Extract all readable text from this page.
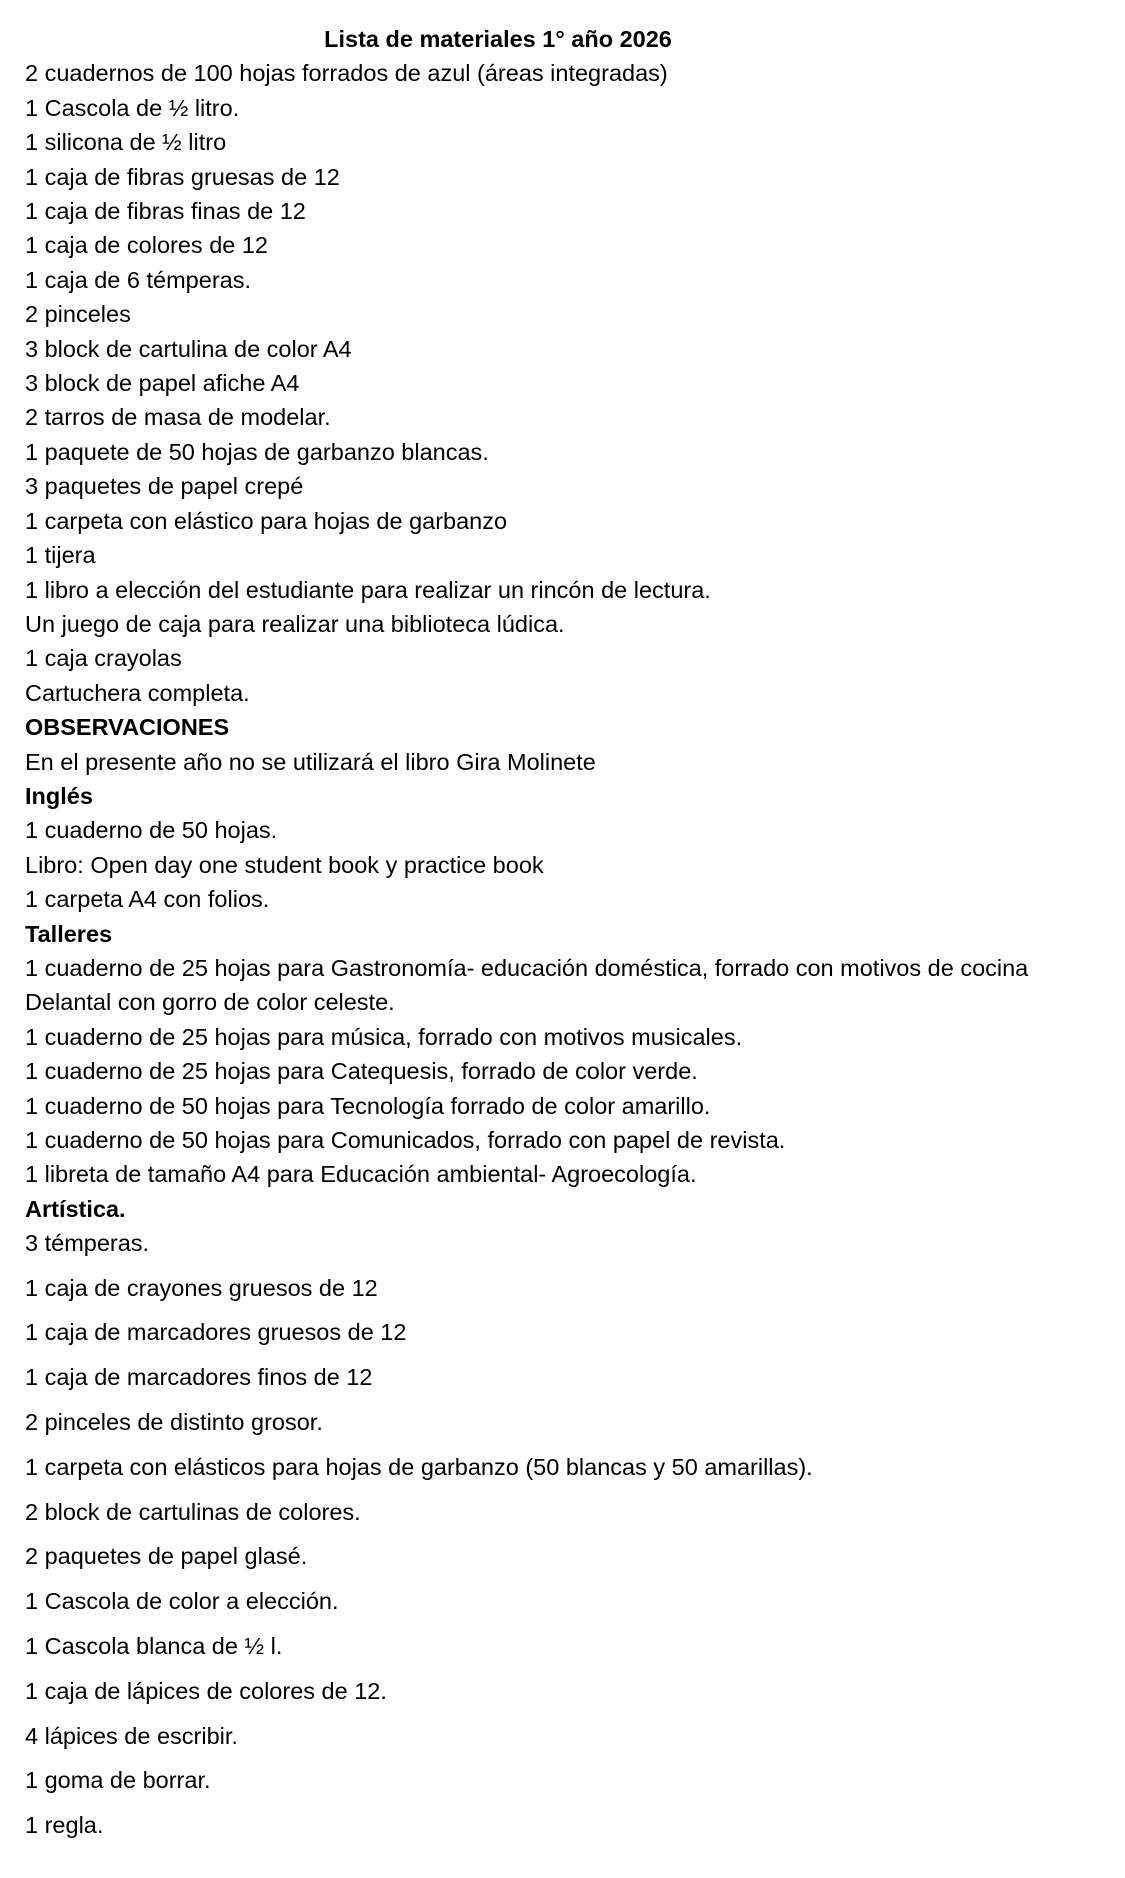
Lista de materiales 1° año 2026
2 cuadernos de 100 hojas forrados de azul (áreas integradas)
1 Cascola de ½ litro.
1 silicona de ½ litro
1 caja de fibras gruesas de 12
1 caja de fibras finas de 12
1 caja de colores de 12
1 caja de 6 témperas.
2 pinceles
3 block de cartulina de color A4
3 block de papel afiche A4
2 tarros de masa de modelar.
1 paquete de 50 hojas de garbanzo blancas.
3 paquetes de papel crepé
1 carpeta con elástico para hojas de garbanzo
1 tijera
1 libro a elección del estudiante para realizar un rincón de lectura.
Un juego de caja para realizar una biblioteca lúdica.
1 caja crayolas
Cartuchera completa.
OBSERVACIONES
En el presente año no se utilizará el libro Gira Molinete
Inglés
1 cuaderno de 50 hojas.
Libro: Open day one student book y practice book
1 carpeta A4 con folios.
Talleres
1 cuaderno de 25 hojas para Gastronomía- educación doméstica, forrado con motivos de cocina
Delantal con gorro de color celeste.
1 cuaderno de 25 hojas para música, forrado con motivos musicales.
1 cuaderno de 25 hojas para Catequesis, forrado de color verde.
1 cuaderno de 50 hojas para Tecnología forrado de color amarillo.
1 cuaderno de 50 hojas para Comunicados, forrado con papel de revista.
1 libreta de tamaño A4 para Educación ambiental- Agroecología.
Artística.
3 témperas.
1 caja de crayones gruesos de 12
1 caja de marcadores gruesos de 12
1 caja de marcadores finos de 12
2 pinceles de distinto grosor.
1 carpeta con elásticos para hojas de garbanzo (50 blancas y 50 amarillas).
2 block de cartulinas de colores.
2 paquetes de papel glasé.
1 Cascola de color a elección.
1 Cascola blanca de ½ l.
1 caja de lápices de colores de 12.
4 lápices de escribir.
1 goma de borrar.
1 regla.
